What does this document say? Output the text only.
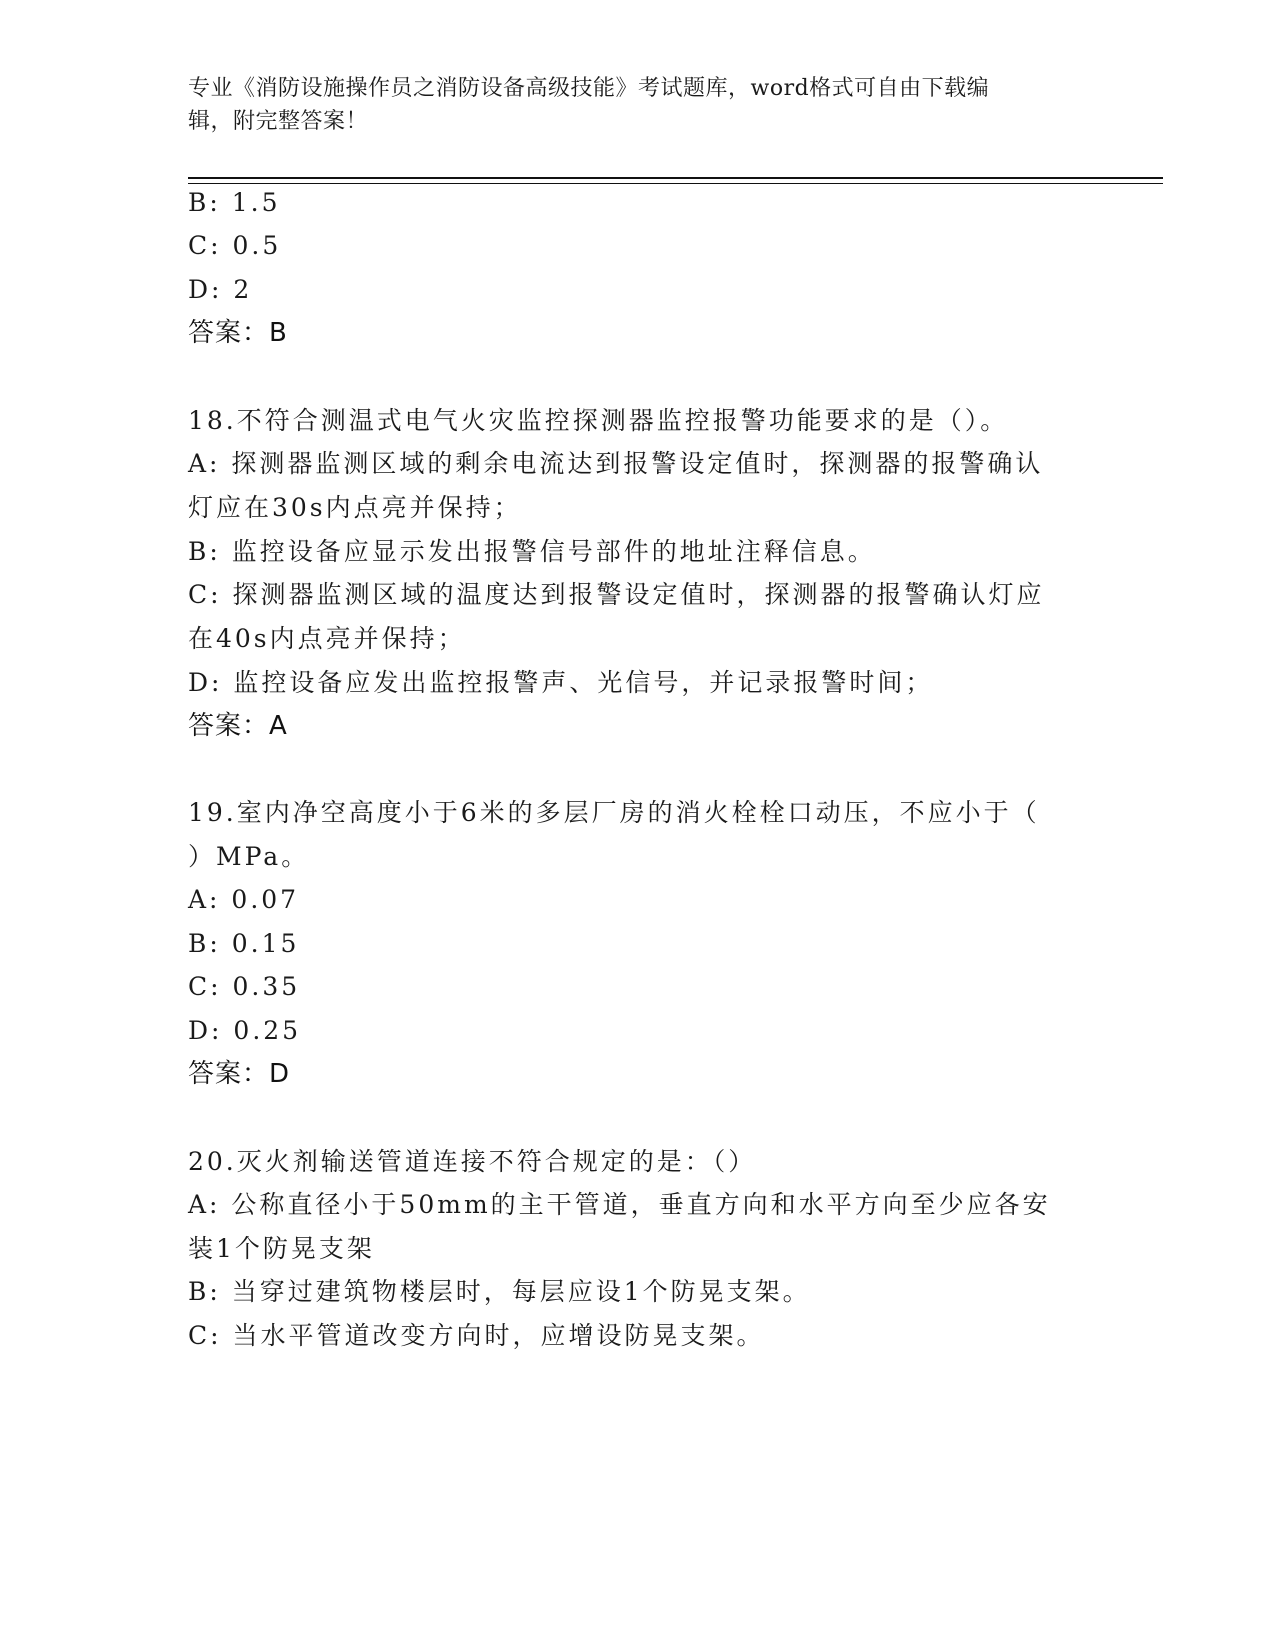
专业《消防设施操作员之消防设备高级技能》考试题库，word格式可自由下载编
辑，附完整答案！
B: 1.5
C: 0.5
D: 2
答案：B
18.不符合测温式电气火灾监控探测器监控报警功能要求的是（）。
A: 探测器监测区域的剩余电流达到报警设定值时，探测器的报警确认
灯应在30s内点亮并保持；
B: 监控设备应显示发出报警信号部件的地址注释信息。
C: 探测器监测区域的温度达到报警设定值时，探测器的报警确认灯应
在40s内点亮并保持；
D: 监控设备应发出监控报警声、光信号，并记录报警时间；
答案：A
19.室内净空高度小于6米的多层厂房的消火栓栓口动压，不应小于（
）MPa。
A: 0.07
B: 0.15
C: 0.35
D: 0.25
答案：D
20.灭火剂输送管道连接不符合规定的是：（）
A: 公称直径小于50mm的主干管道，垂直方向和水平方向至少应各安
装1个防晃支架
B: 当穿过建筑物楼层时，每层应设1个防晃支架。
C: 当水平管道改变方向时，应增设防晃支架。
